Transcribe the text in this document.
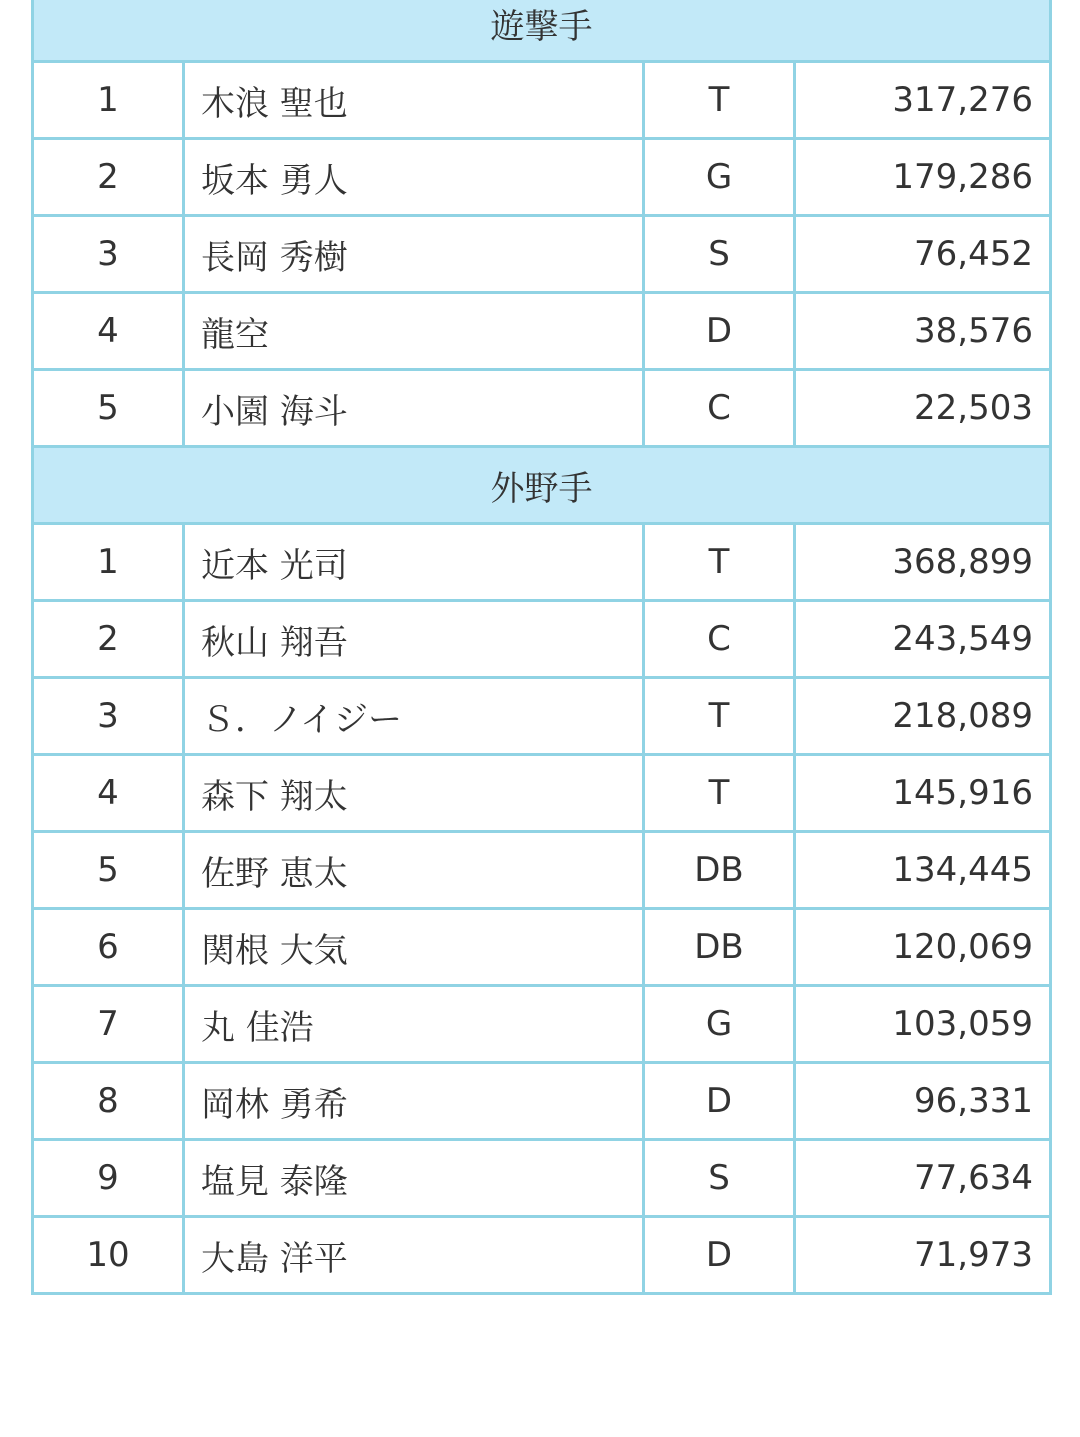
遊撃手			
1	木浪 聖也	T	317,276
2	坂本 勇人	G	179,286
3	長岡 秀樹	S	76,452
4	龍空	D	38,576
5	小園 海斗	C	22,503
外野手			
1	近本 光司	T	368,899
2	秋山 翔吾	C	243,549
3	Ｓ．ノイジー	T	218,089
4	森下 翔太	T	145,916
5	佐野 恵太	DB	134,445
6	関根 大気	DB	120,069
7	丸 佳浩	G	103,059
8	岡林 勇希	D	96,331
9	塩見 泰隆	S	77,634
10	大島 洋平	D	71,973
